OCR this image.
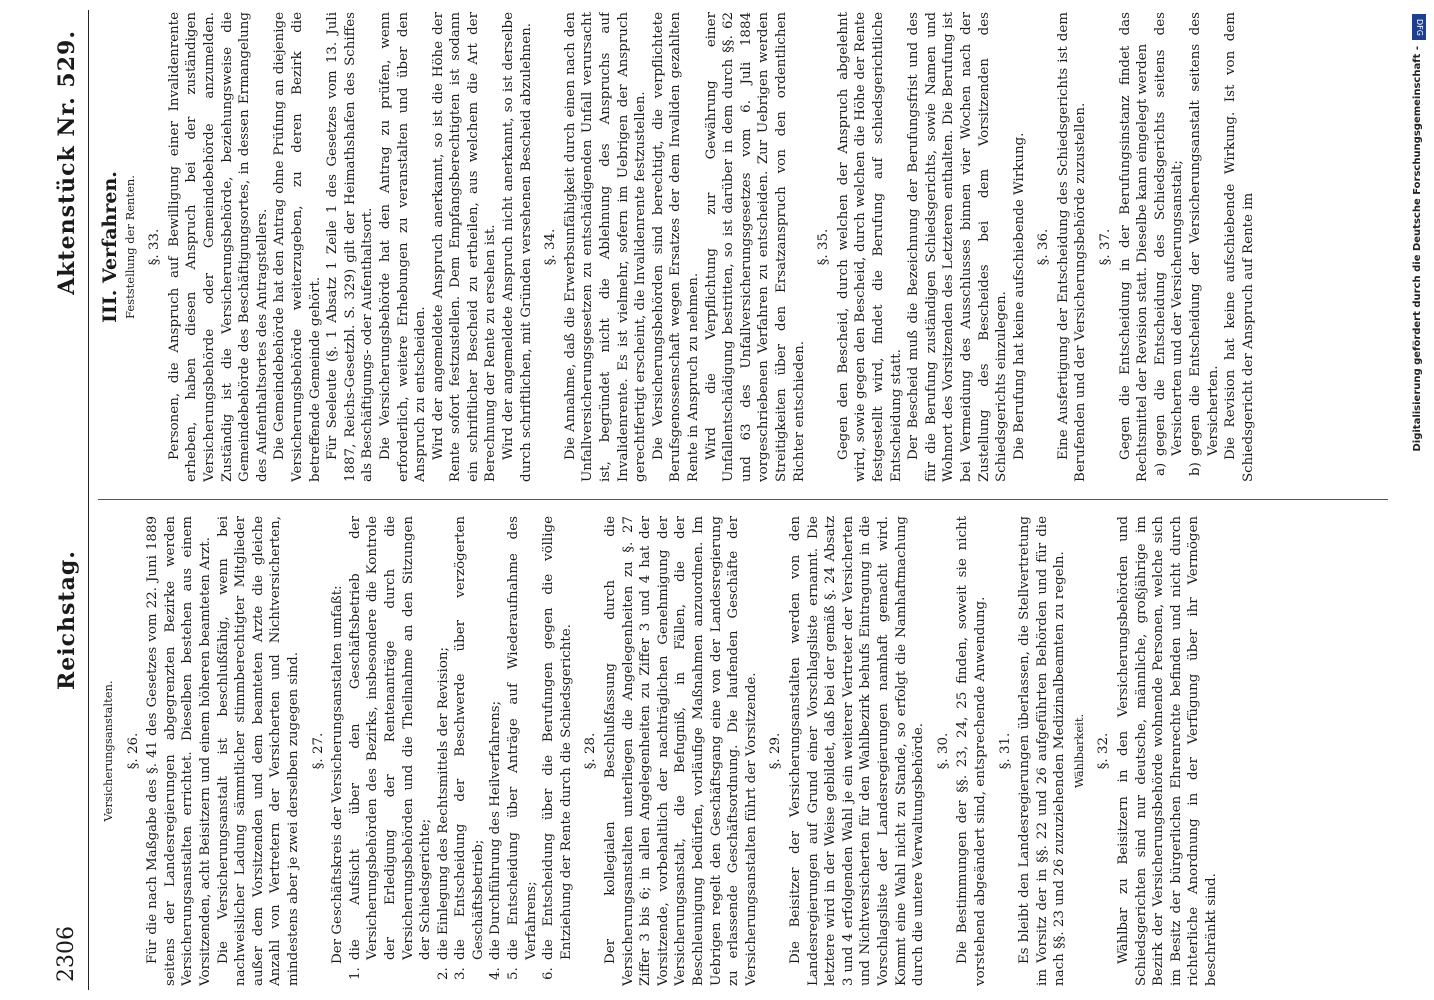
2306
Reichstag.
Aktenstück Nr. 529.
Versicherungsanstalten. §. 26. Für die nach Maßgabe des §. 41 des Gesetzes vom 22. Juni 1889 seitens der Landesregierungen abgegrenzten Bezirke werden Versicherungsanstalten errichtet. Dieselben bestehen aus einem Vorsitzenden, acht Beisitzern und einem höheren beamteten Arzt. Die Versicherungsanstalt ist beschlußfähig, wenn bei nachweislicher Ladung sämmtlicher stimmberechtigter Mitglieder außer dem Vorsitzenden und dem beamteten Arzte die gleiche Anzahl von Vertretern der Versicherten und Nichtversicherten, mindestens aber je zwei derselben zugegen sind. §. 27. Der Geschäftskreis der Versicherungsanstalten umfaßt:

1.die Aufsicht über den Geschäftsbetrieb der Versicherungsbehörden des Bezirks, insbesondere die Kontrole der Erledigung der Rentenanträge durch die Versicherungsbehörden und die Theilnahme an den Sitzungen der Schiedsgerichte;

2.die Einlegung des Rechtsmittels der Revision;

3.die Entscheidung der Beschwerde über verzögerten Geschäftsbetrieb;

4.die Durchführung des Heilverfahrens;

5.die Entscheidung über Anträge auf Wiederaufnahme des Verfahrens;

6.die Entscheidung über die Berufungen gegen die völlige Entziehung der Rente durch die Schiedsgerichte. §. 28. Der kollegialen Beschlußfassung durch die Versicherungsanstalten unterliegen die Angelegenheiten zu §. 27 Ziffer 3 bis 6; in allen Angelegenheiten zu Ziffer 3 und 4 hat der Vorsitzende, vorbehaltlich der nachträglichen Genehmigung der Versicherungsanstalt, die Befugniß, in Fällen, die der Beschleunigung bedürfen, vorläufige Maßnahmen anzuordnen. Im Uebrigen regelt den Geschäftsgang eine von der Landesregierung zu erlassende Geschäftsordnung. Die laufenden Geschäfte der Versicherungsanstalten führt der Vorsitzende. §. 29. Die Beisitzer der Versicherungsanstalten werden von den Landesregierungen auf Grund einer Vorschlagsliste ernannt. Die letztere wird in der Weise gebildet, daß bei der gemäß §. 24 Absatz 3 und 4 erfolgenden Wahl je ein weiterer Vertreter der Versicherten und Nichtversicherten für den Wahlbezirk behufs Eintragung in die Vorschlagsliste der Landesregierungen namhaft gemacht wird. Kommt eine Wahl nicht zu Stande, so erfolgt die Namhaftmachung durch die untere Verwaltungsbehörde. §. 30. Die Bestimmungen der §§. 23, 24, 25 finden, soweit sie nicht vorstehend abgeändert sind, entsprechende Anwendung. §. 31. Es bleibt den Landesregierungen überlassen, die Stellvertretung im Vorsitz der in §§. 22 und 26 aufgeführten Behörden und für die nach §§. 23 und 26 zuzuziehenden Medizinalbeamten zu regeln. Wählbarkeit. §. 32. Wählbar zu Beisitzern in den Versicherungsbehörden und Schiedsgerichten sind nur deutsche, männliche, großjährige im Bezirk der Versicherungsbehörde wohnende Personen, welche sich im Besitz der bürgerlichen Ehrenrechte befinden und nicht durch richterliche Anordnung in der Verfügung über ihr Vermögen beschränkt sind.

III. Verfahren. Feststellung der Renten. §. 33. Personen, die Anspruch auf Bewilligung einer Invalidenrente erheben, haben diesen Anspruch bei der zuständigen Versicherungsbehörde oder Gemeindebehörde anzumelden. Zuständig ist die Versicherungsbehörde, beziehungsweise die Gemeindebehörde des Beschäftigungsortes, in dessen Ermangelung des Aufenthaltsortes des Antragstellers. Die Gemeindebehörde hat den Antrag ohne Prüfung an diejenige Versicherungsbehörde weiterzugeben, zu deren Bezirk die betreffende Gemeinde gehört. Für Seeleute (§. 1 Absatz 1 Zeile 1 des Gesetzes vom 13. Juli 1887, Reichs-Gesetzbl. S. 329) gilt der Heimathshafen des Schiffes als Beschäftigungs- oder Aufenthaltsort. Die Versicherungsbehörde hat den Antrag zu prüfen, wenn erforderlich, weitere Erhebungen zu veranstalten und über den Anspruch zu entscheiden. Wird der angemeldete Anspruch anerkannt, so ist die Höhe der Rente sofort festzustellen. Dem Empfangsberechtigten ist sodann ein schriftlicher Bescheid zu ertheilen, aus welchem die Art der Berechnung der Rente zu ersehen ist. Wird der angemeldete Anspruch nicht anerkannt, so ist derselbe durch schriftlichen, mit Gründen versehenen Bescheid abzulehnen. §. 34. Die Annahme, daß die Erwerbsunfähigkeit durch einen nach den Unfallversicherungsgesetzen zu entschädigenden Unfall verursacht ist, begründet nicht die Ablehnung des Anspruchs auf Invalidenrente. Es ist vielmehr, sofern im Uebrigen der Anspruch gerechtfertigt erscheint, die Invalidenrente festzustellen. Die Versicherungsbehörden sind berechtigt, die verpflichtete Berufsgenossenschaft wegen Ersatzes der dem Invaliden gezahlten Rente in Anspruch zu nehmen. Wird die Verpflichtung zur Gewährung einer Unfallentschädigung bestritten, so ist darüber in dem durch §§. 62 und 63 des Unfallversicherungsgesetzes vom 6. Juli 1884 vorgeschriebenen Verfahren zu entscheiden. Zur Uebrigen werden Streitigkeiten über den Ersatzanspruch von den ordentlichen Richter entschieden.

§. 35. Gegen den Bescheid, durch welchen der Anspruch abgelehnt wird, sowie gegen den Bescheid, durch welchen die Höhe der Rente festgestellt wird, findet die Berufung auf schiedsgerichtliche Entscheidung statt. Der Bescheid muß die Bezeichnung der Berufungsfrist und des für die Berufung zuständigen Schiedsgerichts, sowie Namen und Wohnort des Vorsitzenden des Letzteren enthalten. Die Berufung ist bei Vermeidung des Ausschlusses binnen vier Wochen nach der Zustellung des Bescheides bei dem Vorsitzenden des Schiedsgerichts einzulegen. Die Berufung hat keine aufschiebende Wirkung. §. 36. Eine Ausfertigung der Entscheidung des Schiedsgerichts ist dem Berufenden und der Versicherungsbehörde zuzustellen. §. 37. Gegen die Entscheidung in der Berufungsinstanz findet das Rechtsmittel der Revision statt. Dieselbe kann eingelegt werden a)gegen die Entscheidung des Schiedsgerichts seitens des Versicherten und der Versicherungsanstalt;

b)gegen die Entscheidung der Versicherungsanstalt seitens des Versicherten. Die Revision hat keine aufschiebende Wirkung. Ist von dem Schiedsgericht der Anspruch auf Rente im

DFG
Digitalisierung gefördert durch die Deutsche Forschungsgemeinschaft -
